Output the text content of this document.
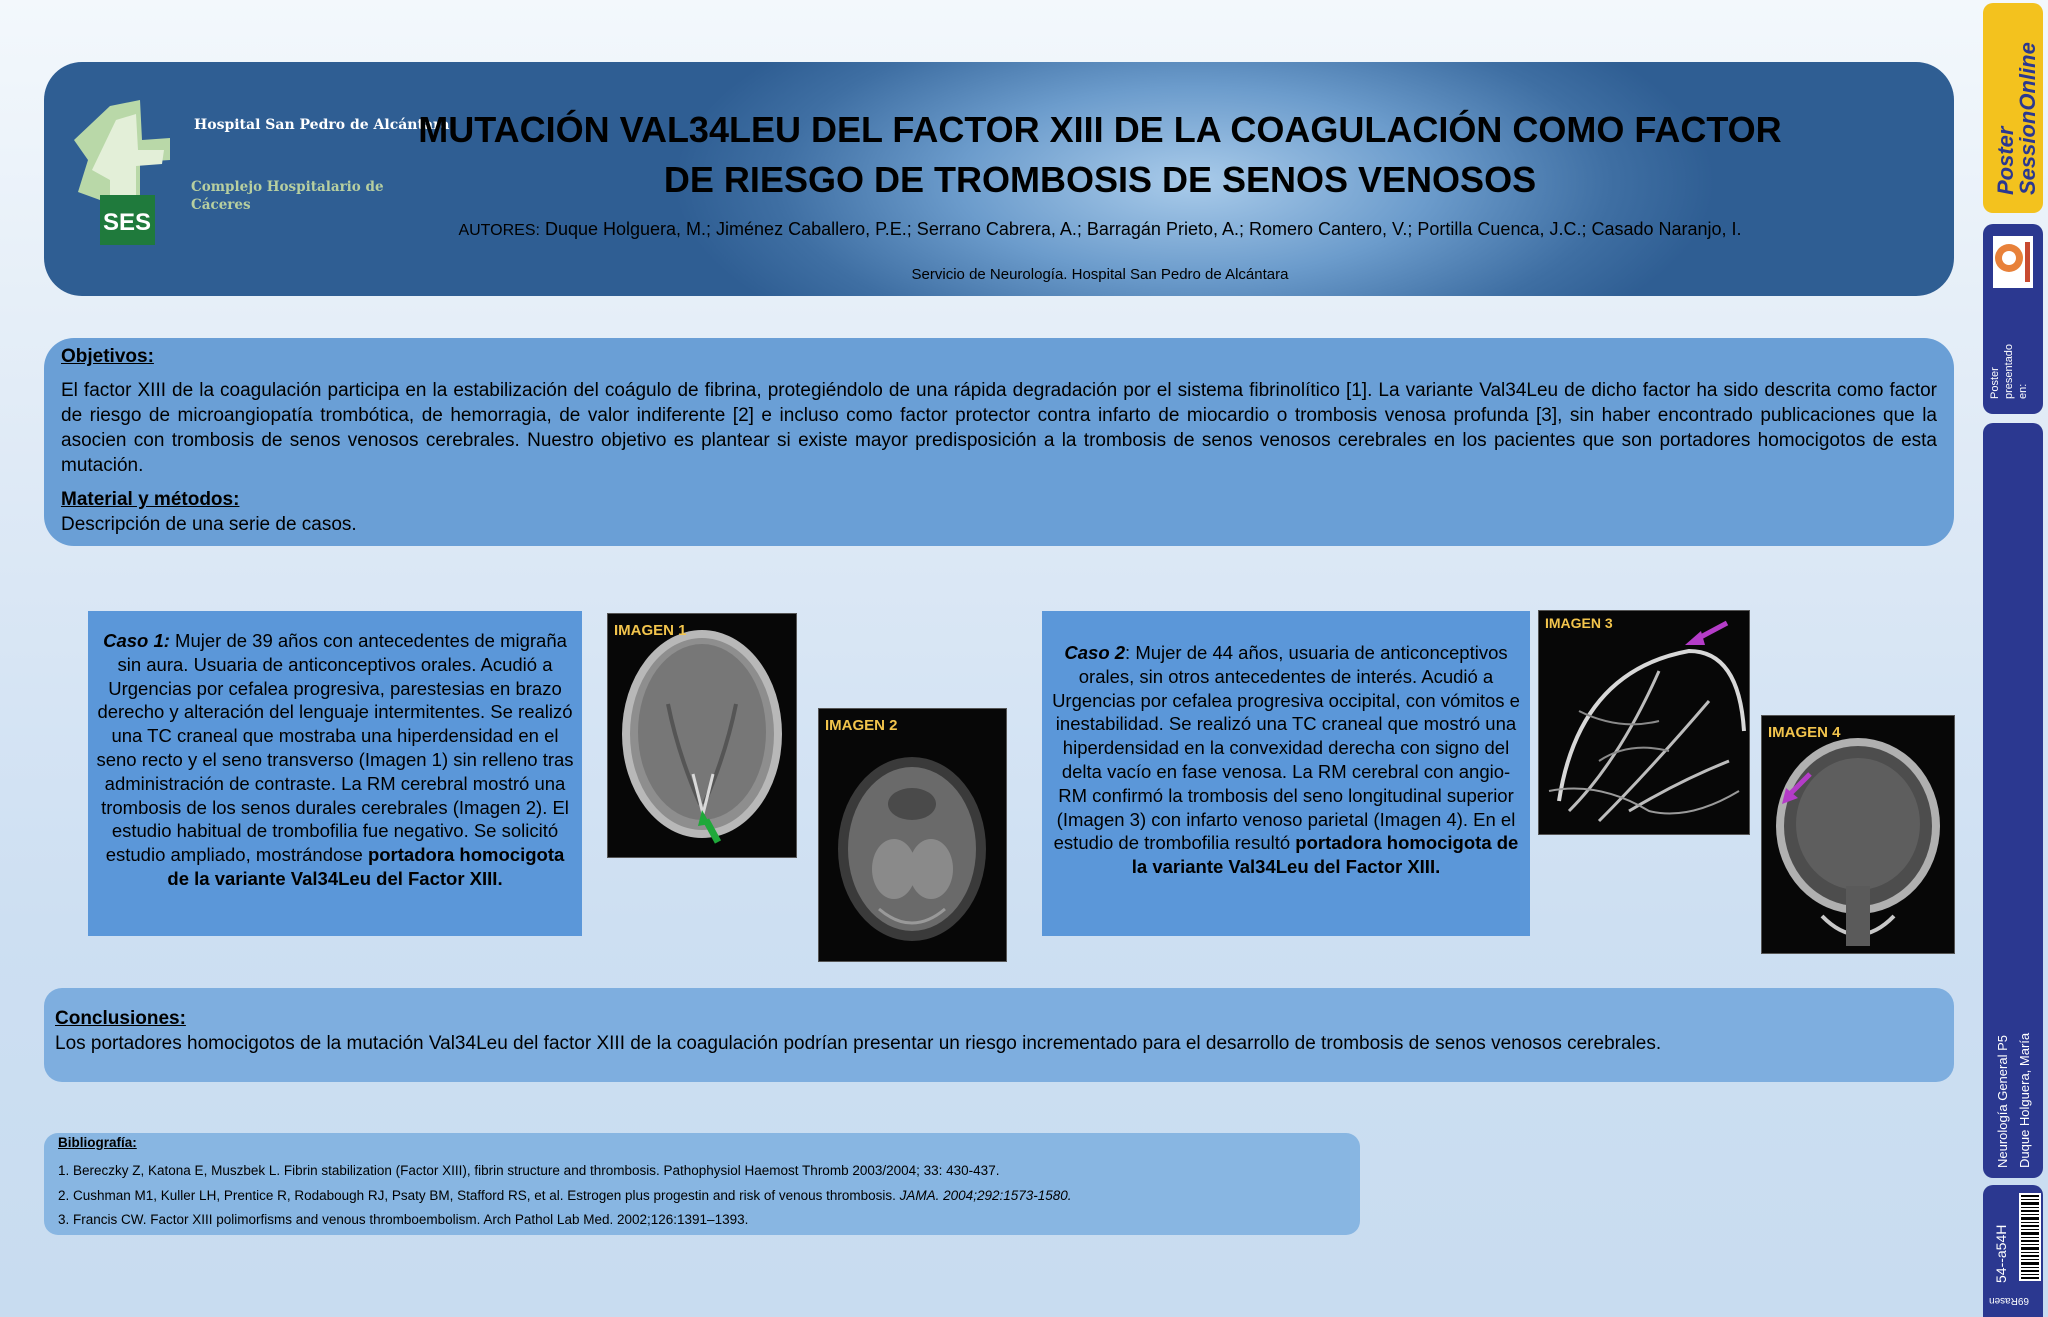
SES
Hospital San Pedro de Alcántara
Complejo Hospitalario de Cáceres
MUTACIÓN VAL34LEU DEL FACTOR XIII DE LA COAGULACIÓN COMO FACTOR
DE RIESGO DE TROMBOSIS DE SENOS VENOSOS
AUTORES: Duque Holguera, M.; Jiménez Caballero, P.E.; Serrano Cabrera, A.; Barragán Prieto, A.; Romero Cantero, V.; Portilla Cuenca, J.C.; Casado Naranjo, I.
Servicio de Neurología. Hospital San Pedro de Alcántara
Objetivos:
El factor XIII de la coagulación participa en la estabilización del coágulo de fibrina, protegiéndolo de una rápida degradación por el sistema fibrinolítico [1]. La variante Val34Leu de dicho factor ha sido descrita como factor de riesgo de microangiopatía trombótica, de hemorragia, de valor indiferente [2] e incluso como factor protector contra infarto de miocardio o trombosis venosa profunda [3], sin haber encontrado publicaciones que la asocien con trombosis de senos venosos cerebrales. Nuestro objetivo es plantear si existe mayor predisposición a la trombosis de senos venosos cerebrales en los pacientes que son portadores homocigotos de esta mutación.
Material y métodos:
Descripción de una serie de casos.
Caso 1: Mujer de 39 años con antecedentes de migraña sin aura. Usuaria de anticonceptivos orales. Acudió a Urgencias por cefalea progresiva, parestesias en brazo derecho y alteración del lenguaje intermitentes. Se realizó una TC craneal que mostraba una hiperdensidad en el seno recto y el seno transverso (Imagen 1) sin relleno tras administración de contraste. La RM cerebral mostró una trombosis de los senos durales cerebrales (Imagen 2). El estudio habitual de trombofilia fue negativo. Se solicitó estudio ampliado, mostrándose portadora homocigota de la variante Val34Leu del Factor XIII.
IMAGEN 1
IMAGEN 2
Caso 2: Mujer de 44 años, usuaria de anticonceptivos orales, sin otros antecedentes de interés. Acudió a Urgencias por cefalea progresiva occipital, con vómitos e inestabilidad. Se realizó una TC craneal que mostró una hiperdensidad en la convexidad derecha con signo del delta vacío en fase venosa. La RM cerebral con angio-RM confirmó la trombosis del seno longitudinal superior (Imagen 3) con infarto venoso parietal (Imagen 4). En el estudio de trombofilia resultó portadora homocigota de la variante Val34Leu del Factor XIII.
IMAGEN 3
IMAGEN 4
Conclusiones:
Los portadores homocigotos de la mutación Val34Leu del factor XIII de la coagulación podrían presentar un riesgo incrementado para el desarrollo de trombosis de senos venosos cerebrales.
Bibliografía:
1. Bereczky Z, Katona E, Muszbek L. Fibrin stabilization (Factor XIII), fibrin structure and thrombosis. Pathophysiol Haemost Thromb 2003/2004; 33: 430-437.
2. Cushman M1, Kuller LH, Prentice R, Rodabough RJ, Psaty BM, Stafford RS, et al. Estrogen plus progestin and risk of venous thrombosis. JAMA. 2004;292:1573-1580.
3. Francis CW. Factor XIII polimorfisms and venous thromboembolism. Arch Pathol Lab Med. 2002;126:1391–1393.
Poster
SessionOnline
Poster presentado en:
Neurología General P5 Duque Holguera, María
54--a54H
69Rasen
